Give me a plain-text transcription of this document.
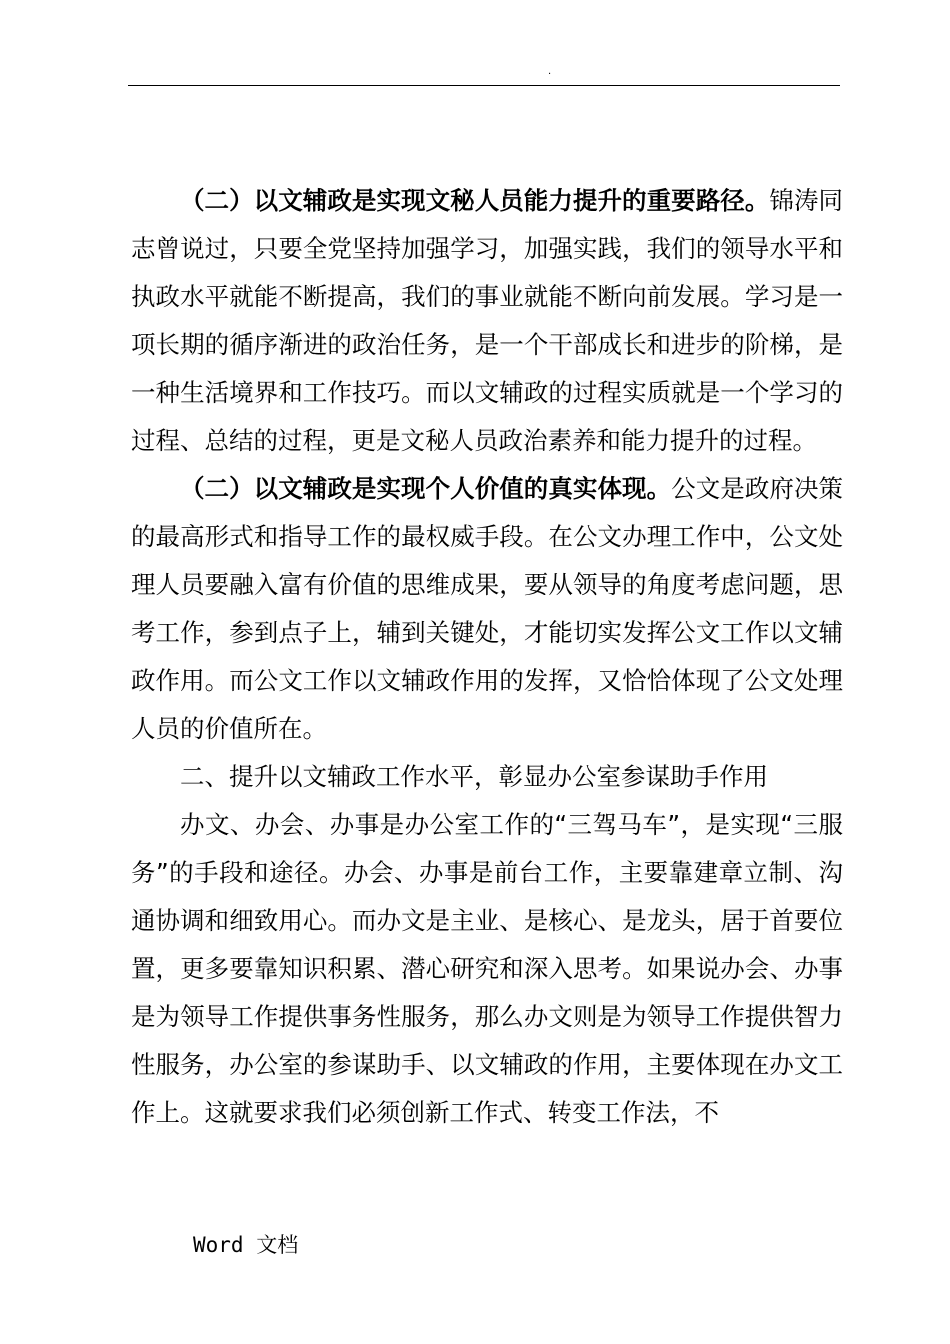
.

（二）以文辅政是实现文秘人员能力提升的重要路径。锦涛同志曾说过，只要全党坚持加强学习，加强实践，我们的领导水平和执政水平就能不断提高，我们的事业就能不断向前发展。学习是一项长期的循序渐进的政治任务，是一个干部成长和进步的阶梯，是一种生活境界和工作技巧。而以文辅政的过程实质就是一个学习的过程、总结的过程，更是文秘人员政治素养和能力提升的过程。

（二）以文辅政是实现个人价值的真实体现。公文是政府决策的最高形式和指导工作的最权威手段。在公文办理工作中，公文处理人员要融入富有价值的思维成果，要从领导的角度考虑问题，思考工作，参到点子上，辅到关键处，才能切实发挥公文工作以文辅政作用。而公文工作以文辅政作用的发挥，又恰恰体现了公文处理人员的价值所在。

二、提升以文辅政工作水平，彰显办公室参谋助手作用

办文、办会、办事是办公室工作的“三驾马车”，是实现“三服务”的手段和途径。办会、办事是前台工作，主要靠建章立制、沟通协调和细致用心。而办文是主业、是核心、是龙头，居于首要位置，更多要靠知识积累、潜心研究和深入思考。如果说办会、办事是为领导工作提供事务性服务，那么办文则是为领导工作提供智力性服务，办公室的参谋助手、以文辅政的作用，主要体现在办文工作上。这就要求我们必须创新工作式、转变工作法，不

Word 文档
